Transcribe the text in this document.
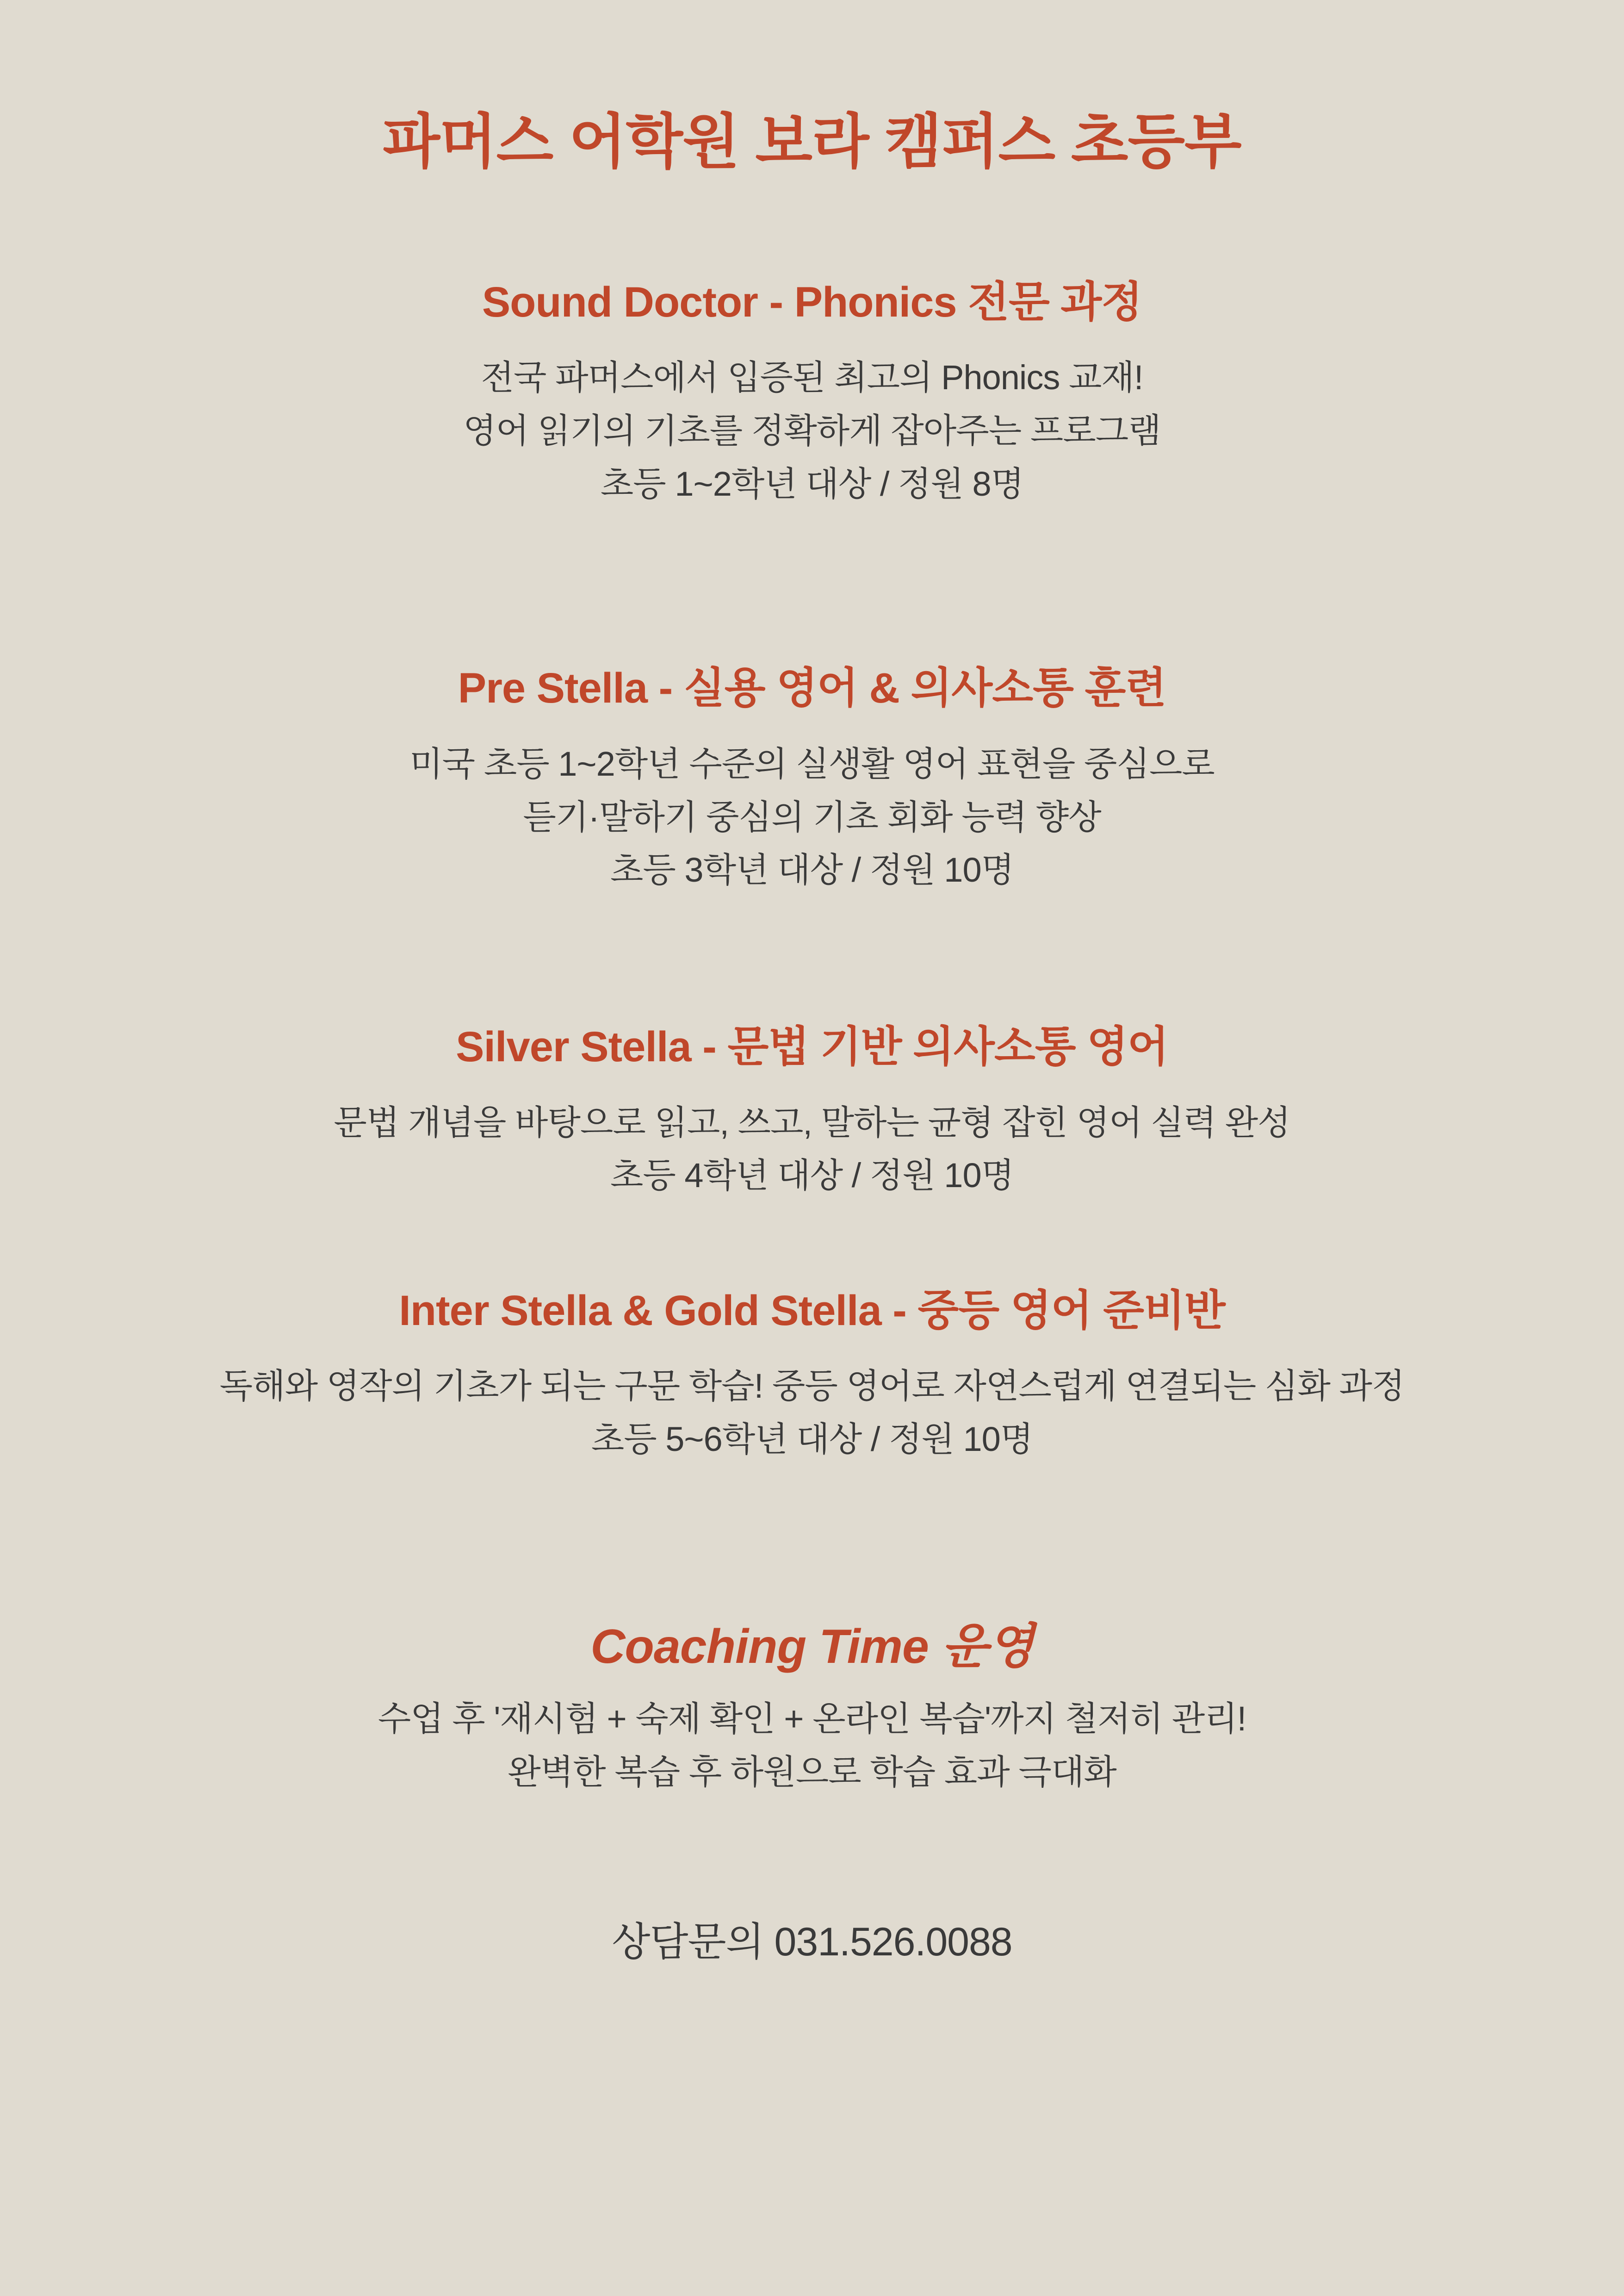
파머스 어학원 보라 캠퍼스 초등부
Sound Doctor - Phonics 전문 과정

전국 파머스에서 입증된 최고의 Phonics 교재!

영어 읽기의 기초를 정확하게 잡아주는 프로그램

초등 1~2학년 대상 / 정원 8명

Pre Stella - 실용 영어 & 의사소통 훈련

미국 초등 1~2학년 수준의 실생활 영어 표현을 중심으로

듣기·말하기 중심의 기초 회화 능력 향상

초등 3학년 대상 / 정원 10명

Silver Stella - 문법 기반 의사소통 영어

문법 개념을 바탕으로 읽고, 쓰고, 말하는 균형 잡힌 영어 실력 완성

초등 4학년 대상 / 정원 10명

Inter Stella & Gold Stella - 중등 영어 준비반

독해와 영작의 기초가 되는 구문 학습! 중등 영어로 자연스럽게 연결되는 심화 과정

초등 5~6학년 대상 / 정원 10명

Coaching Time 운영

수업 후 '재시험 + 숙제 확인 + 온라인 복습'까지 철저히 관리!

완벽한 복습 후 하원으로 학습 효과 극대화

상담문의 031.526.0088
